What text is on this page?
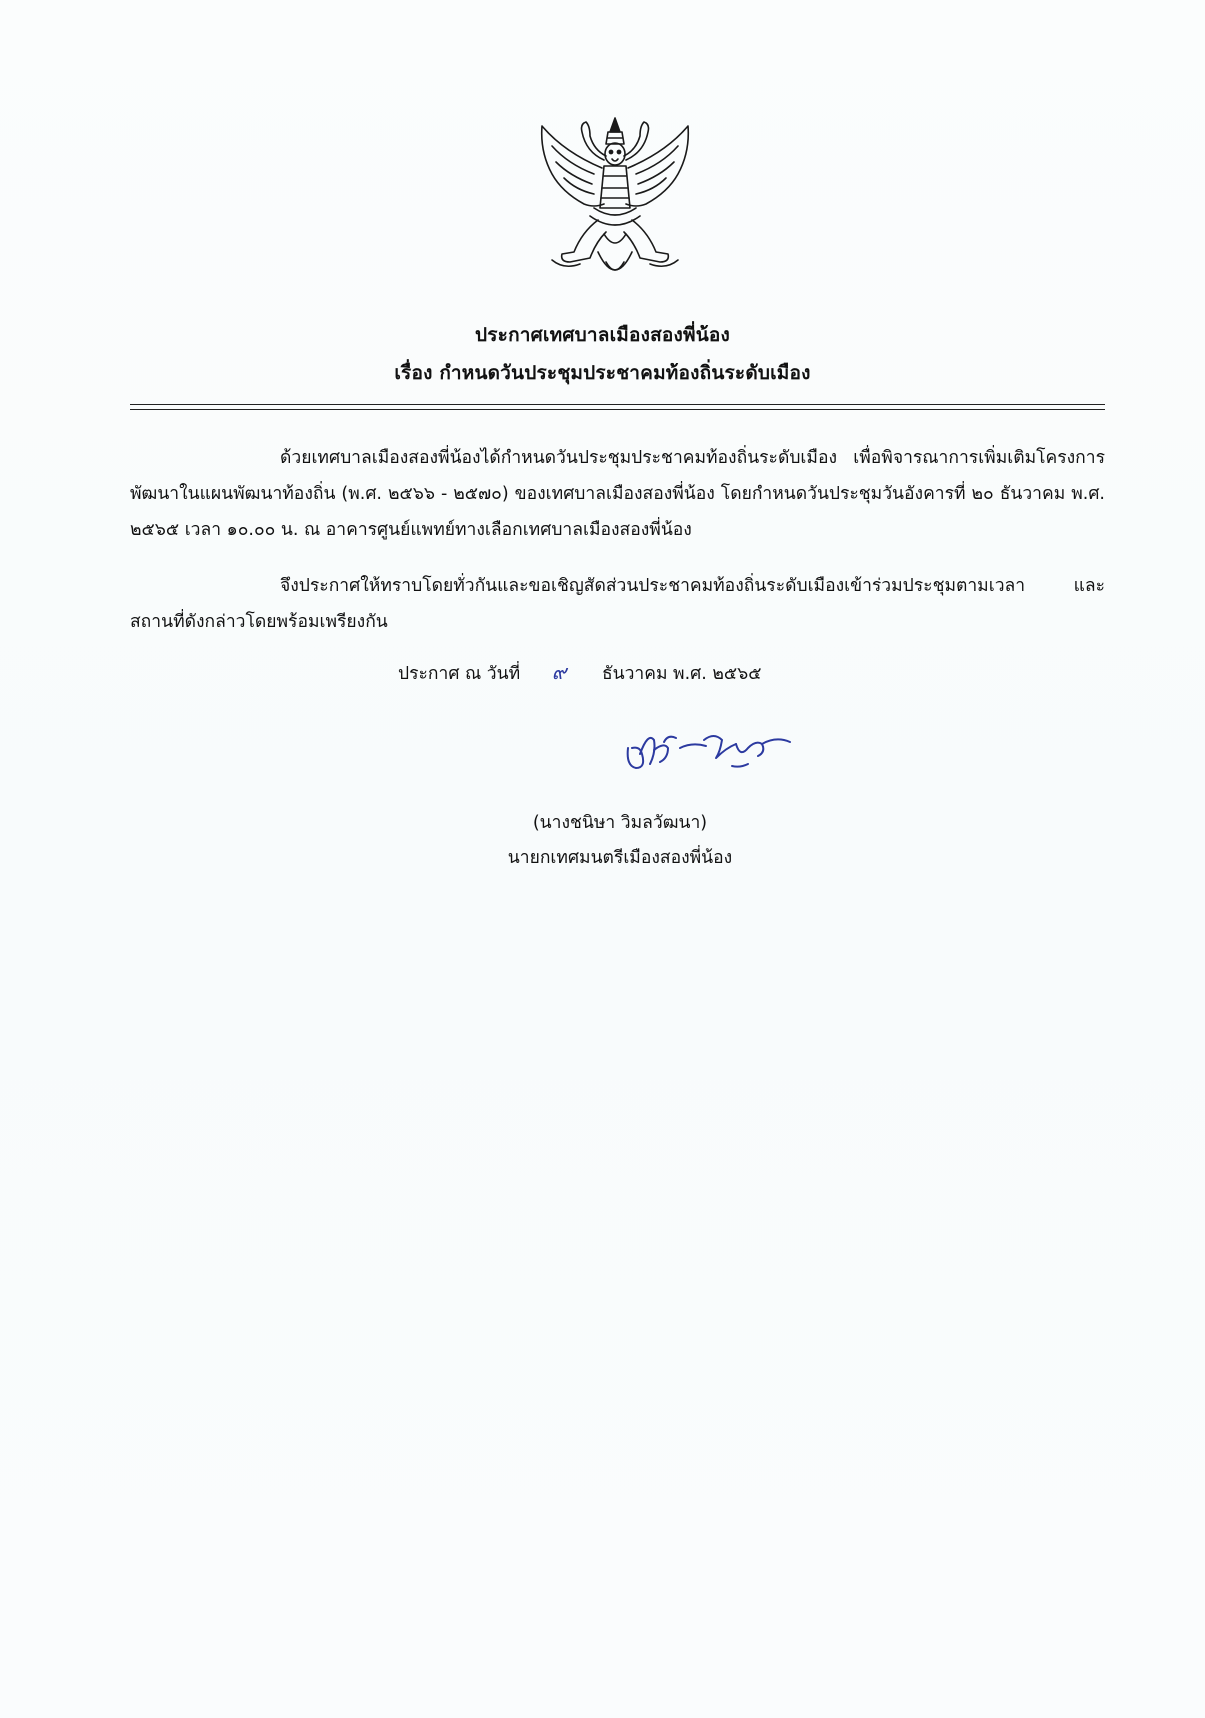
ประกาศเทศบาลเมืองสองพี่น้อง
เรื่อง กำหนดวันประชุมประชาคมท้องถิ่นระดับเมือง

ด้วยเทศบาลเมืองสองพี่น้องได้กำหนดวันประชุมประชาคมท้องถิ่นระดับเมือง เพื่อพิจารณาการเพิ่มเติมโครงการพัฒนาในแผนพัฒนาท้องถิ่น (พ.ศ. ๒๕๖๖ - ๒๕๗๐) ของเทศบาลเมืองสองพี่น้อง โดยกำหนดวันประชุมวันอังคารที่ ๒๐ ธันวาคม พ.ศ. ๒๕๖๕ เวลา ๑๐.๐๐ น. ณ อาคารศูนย์แพทย์ทางเลือกเทศบาลเมืองสองพี่น้อง

จึงประกาศให้ทราบโดยทั่วกันและขอเชิญสัดส่วนประชาคมท้องถิ่นระดับเมืองเข้าร่วมประชุมตามเวลา และสถานที่ดังกล่าวโดยพร้อมเพรียงกัน

ประกาศ ณ วันที่ ๙ ธันวาคม พ.ศ. ๒๕๖๕
(นางชนิษา วิมลวัฒนา)
นายกเทศมนตรีเมืองสองพี่น้อง
